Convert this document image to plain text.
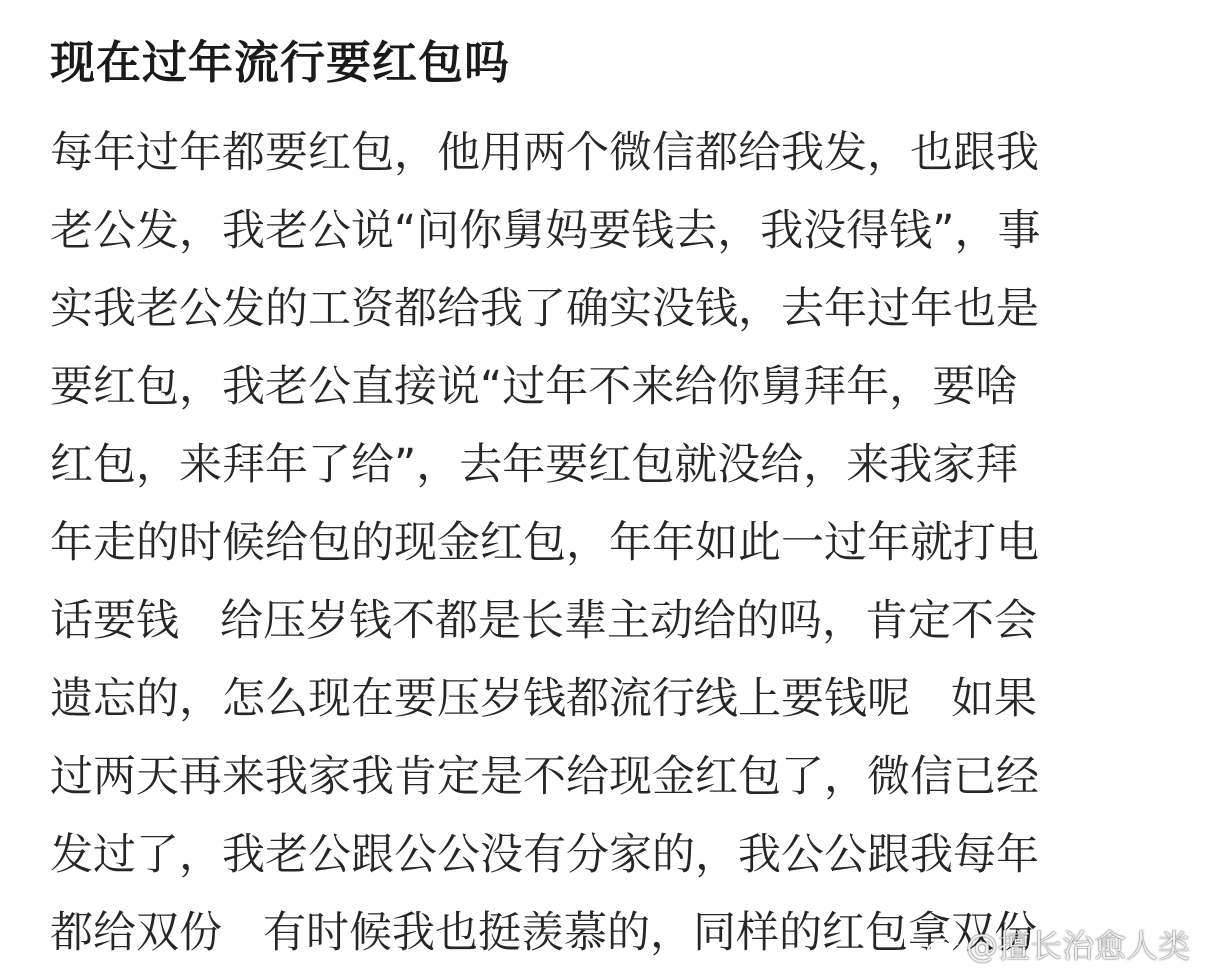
现在过年流行要红包吗
每年过年都要红包，他用两个微信都给我发，也跟我
老公发，我老公说“问你舅妈要钱去，我没得钱”，事
实我老公发的工资都给我了确实没钱，去年过年也是
要红包，我老公直接说“过年不来给你舅拜年，要啥
红包，来拜年了给”，去年要红包就没给，来我家拜
年走的时候给包的现金红包，年年如此一过年就打电
话要钱   给压岁钱不都是长辈主动给的吗，肯定不会
遗忘的，怎么现在要压岁钱都流行线上要钱呢   如果
过两天再来我家我肯定是不给现金红包了，微信已经
发过了，我老公跟公公没有分家的，我公公跟我每年
都给双份   有时候我也挺羡慕的，同样的红包拿双份
@擅长治愈人类
